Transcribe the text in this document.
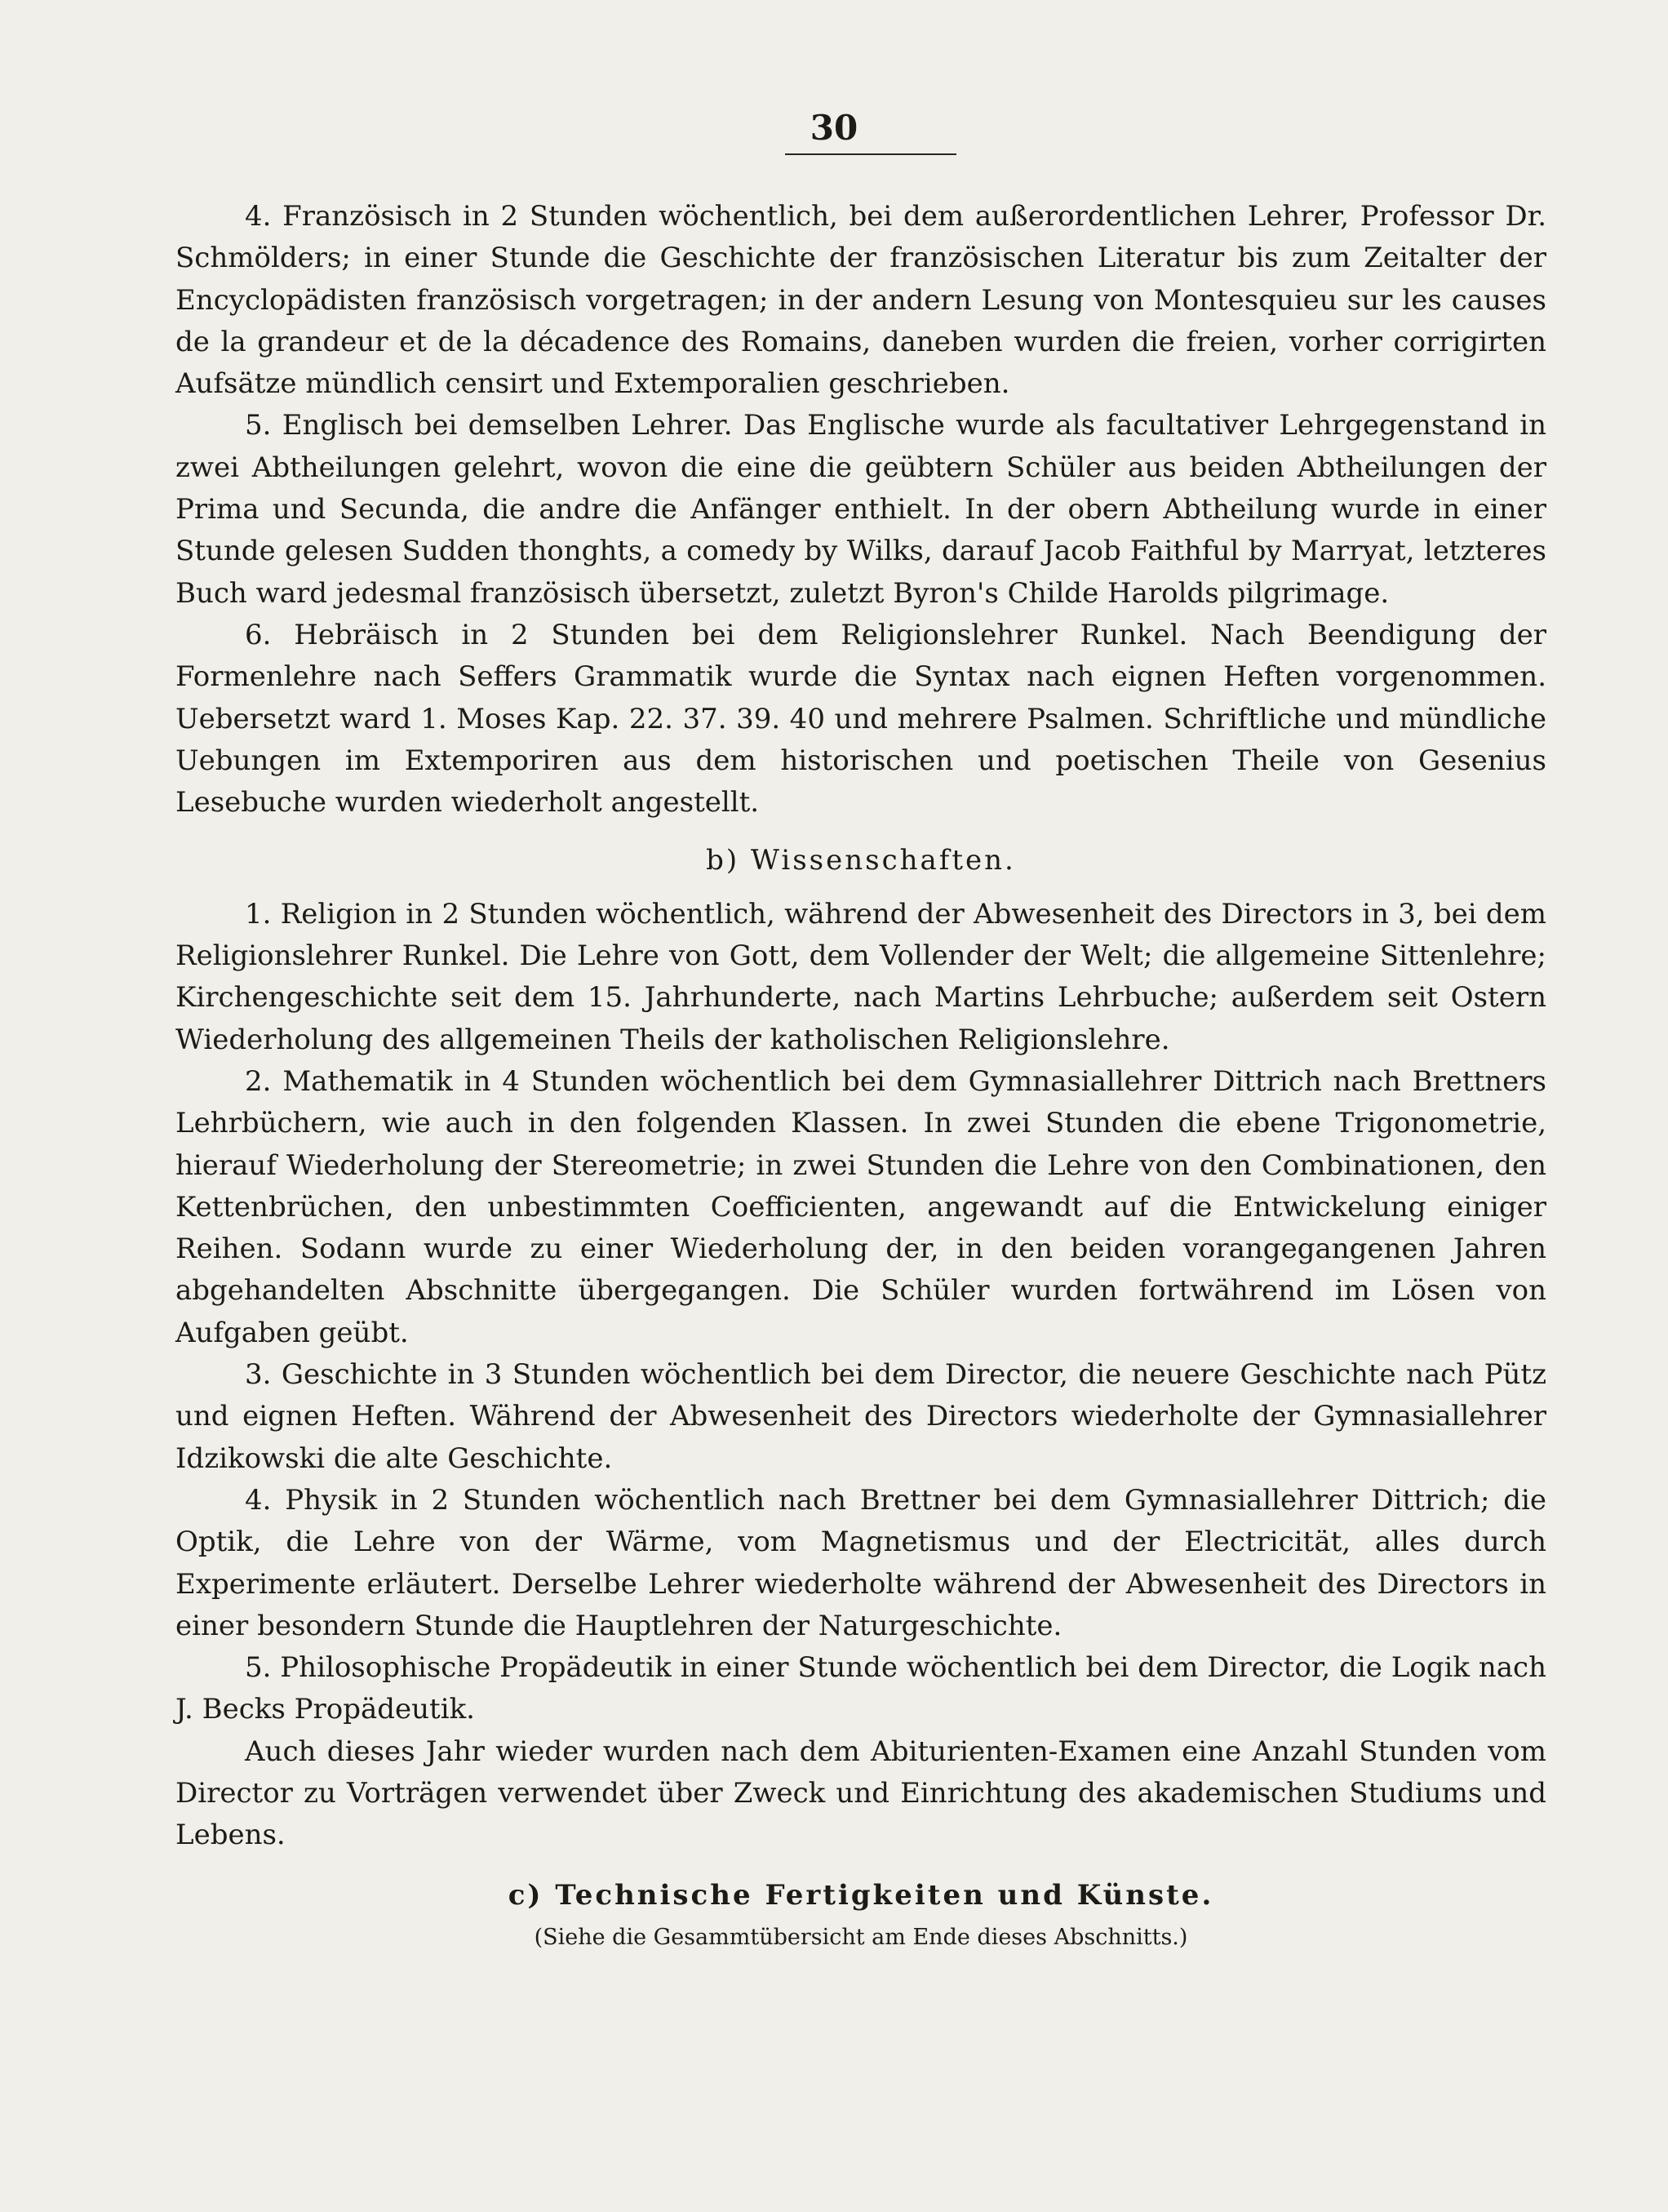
30

4. Französisch in 2 Stunden wöchentlich, bei dem außerordentlichen Lehrer, Professor Dr. Schmölders; in einer Stunde die Geschichte der französischen Literatur bis zum Zeitalter der Encyclopädisten französisch vorgetragen; in der andern Lesung von Montesquieu sur les causes de la grandeur et de la décadence des Romains, daneben wurden die freien, vorher corrigirten Aufsätze mündlich censirt und Extemporalien geschrieben.

5. Englisch bei demselben Lehrer. Das Englische wurde als facultativer Lehrgegenstand in zwei Abtheilungen gelehrt, wovon die eine die geübtern Schüler aus beiden Abtheilungen der Prima und Secunda, die andre die Anfänger enthielt. In der obern Abtheilung wurde in einer Stunde gelesen Sudden thonghts, a comedy by Wilks, darauf Jacob Faithful by Marryat, letzteres Buch ward jedesmal französisch übersetzt, zuletzt Byron's Childe Harolds pilgrimage.

6. Hebräisch in 2 Stunden bei dem Religionslehrer Runkel. Nach Beendigung der Formenlehre nach Seffers Grammatik wurde die Syntax nach eignen Heften vorgenommen. Uebersetzt ward 1. Moses Kap. 22. 37. 39. 40 und mehrere Psalmen. Schriftliche und mündliche Uebungen im Extemporiren aus dem historischen und poetischen Theile von Gesenius Lesebuche wurden wiederholt angestellt.

b) Wissenschaften.

1. Religion in 2 Stunden wöchentlich, während der Abwesenheit des Directors in 3, bei dem Religionslehrer Runkel. Die Lehre von Gott, dem Vollender der Welt; die allgemeine Sittenlehre; Kirchengeschichte seit dem 15. Jahrhunderte, nach Martins Lehrbuche; außerdem seit Ostern Wiederholung des allgemeinen Theils der katholischen Religionslehre.

2. Mathematik in 4 Stunden wöchentlich bei dem Gymnasiallehrer Dittrich nach Brettners Lehrbüchern, wie auch in den folgenden Klassen. In zwei Stunden die ebene Trigonometrie, hierauf Wiederholung der Stereometrie; in zwei Stunden die Lehre von den Combinationen, den Kettenbrüchen, den unbestimmten Coefficienten, angewandt auf die Entwickelung einiger Reihen. Sodann wurde zu einer Wiederholung der, in den beiden vorangegangenen Jahren abgehandelten Abschnitte übergegangen. Die Schüler wurden fortwährend im Lösen von Aufgaben geübt.

3. Geschichte in 3 Stunden wöchentlich bei dem Director, die neuere Geschichte nach Pütz und eignen Heften. Während der Abwesenheit des Directors wiederholte der Gymnasiallehrer Idzikowski die alte Geschichte.

4. Physik in 2 Stunden wöchentlich nach Brettner bei dem Gymnasiallehrer Dittrich; die Optik, die Lehre von der Wärme, vom Magnetismus und der Electricität, alles durch Experimente erläutert. Derselbe Lehrer wiederholte während der Abwesenheit des Directors in einer besondern Stunde die Hauptlehren der Naturgeschichte.

5. Philosophische Propädeutik in einer Stunde wöchentlich bei dem Director, die Logik nach J. Becks Propädeutik.

Auch dieses Jahr wieder wurden nach dem Abiturienten-Examen eine Anzahl Stunden vom Director zu Vorträgen verwendet über Zweck und Einrichtung des akademischen Studiums und Lebens.

c) Technische Fertigkeiten und Künste.

(Siehe die Gesammtübersicht am Ende dieses Abschnitts.)
